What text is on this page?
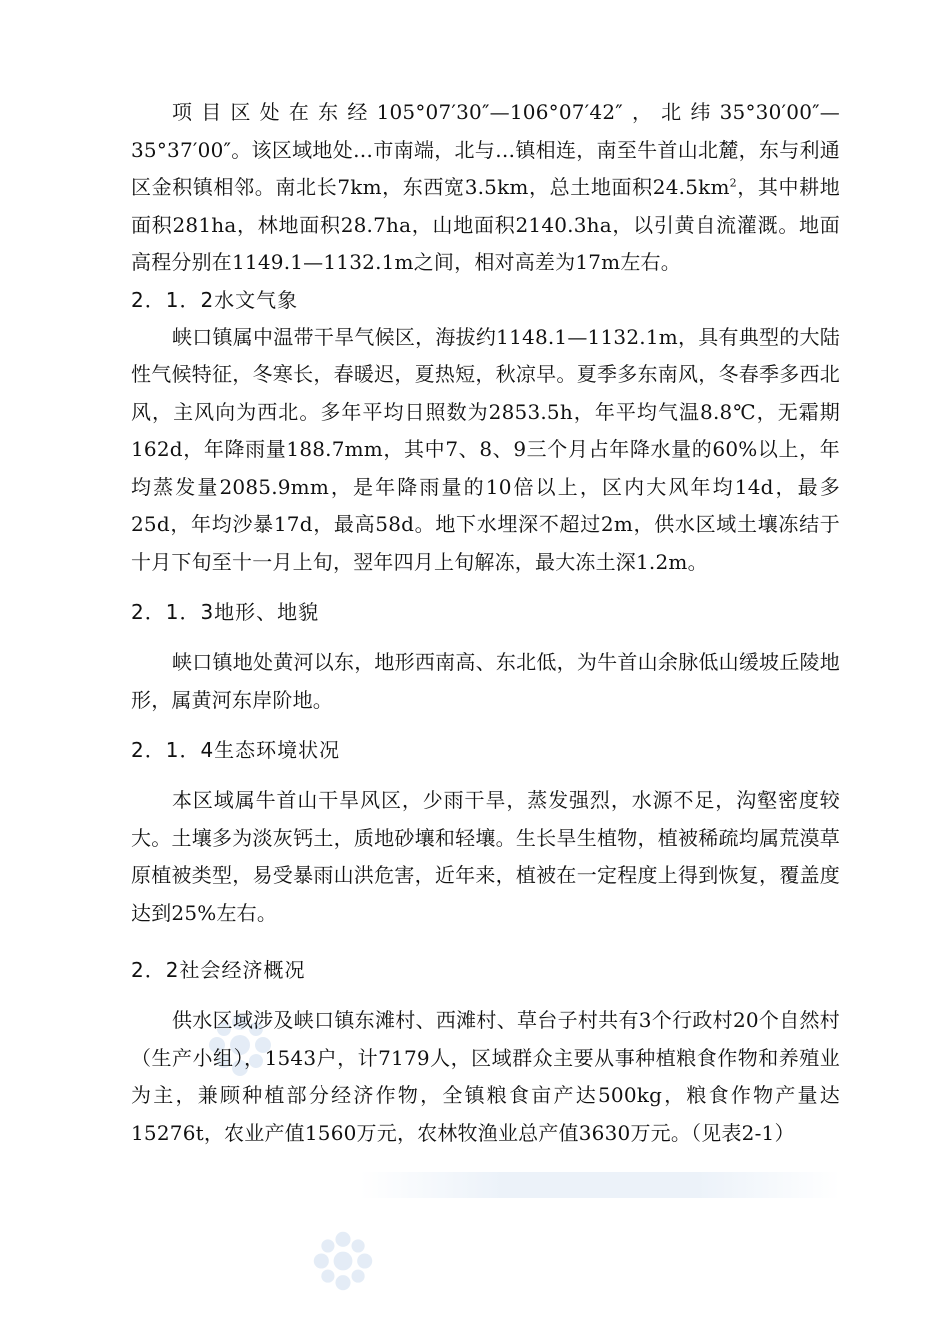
项目区处在东经105°07′30″—106°07′42″，北纬35°30′00″—35°37′00″。该区域地处…市南端，北与…镇相连，南至牛首山北麓，东与利通区金积镇相邻。南北长7km，东西宽3.5km，总土地面积$24.5km^2$，其中耕地面积281ha，林地面积28.7ha，山地面积2140.3ha，以引黄自流灌溉。地面高程分别在1149.1—1132.1m之间，相对高差为17m左右。

2．1．2水文气象

峡口镇属中温带干旱气候区，海拔约1148.1—1132.1m，具有典型的大陆性气候特征，冬寒长，春暖迟，夏热短，秋凉早。夏季多东南风，冬春季多西北风，主风向为西北。多年平均日照数为2853.5h，年平均气温8.8℃，无霜期162d，年降雨量188.7mm，其中7、8、9三个月占年降水量的60%以上，年均蒸发量2085.9mm，是年降雨量的10倍以上，区内大风年均14d，最多25d，年均沙暴17d，最高58d。地下水埋深不超过2m，供水区域土壤冻结于十月下旬至十一月上旬，翌年四月上旬解冻，最大冻土深1.2m。

2．1．3地形、地貌

峡口镇地处黄河以东，地形西南高、东北低，为牛首山余脉低山缓坡丘陵地形，属黄河东岸阶地。

2．1．4生态环境状况

本区域属牛首山干旱风区，少雨干旱，蒸发强烈，水源不足，沟壑密度较大。土壤多为淡灰钙土，质地砂壤和轻壤。生长旱生植物，植被稀疏均属荒漠草原植被类型，易受暴雨山洪危害，近年来，植被在一定程度上得到恢复，覆盖度达到25%左右。

2．2社会经济概况

供水区域涉及峡口镇东滩村、西滩村、草台子村共有3个行政村20个自然村（生产小组），1543户，计7179人，区域群众主要从事种植粮食作物和养殖业为主，兼顾种植部分经济作物，全镇粮食亩产达500kg，粮食作物产量达15276t，农业产值1560万元，农林牧渔业总产值3630万元。（见表2-1）
